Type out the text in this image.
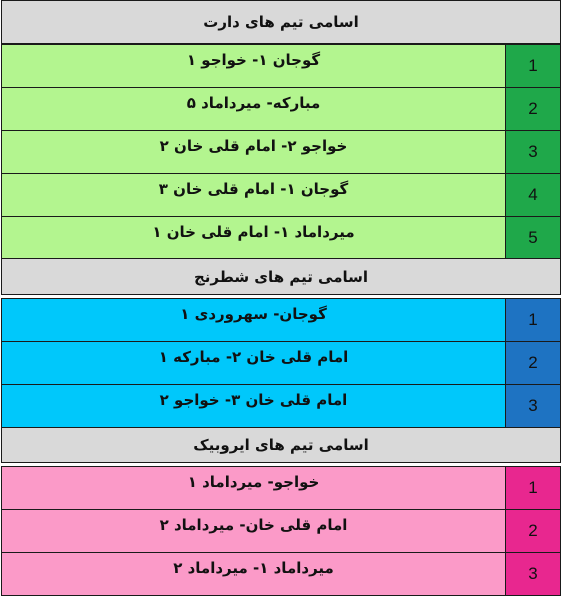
اسامی تیم های دارت
گوجان ۱- خواجو ۱	1
مبارکه- میرداماد ۵	2
خواجو ۲- امام قلی خان ۲	3
گوجان ۱- امام قلی خان ۳	4
میرداماد ۱- امام قلی خان ۱	5
اسامی تیم های شطرنج
گوجان- سهروردی ۱	1
امام قلی خان ۲- مبارکه ۱	2
امام قلی خان ۳- خواجو ۲	3
اسامی تیم های ایروبیک
خواجو- میرداماد ۱	1
امام قلی خان- میرداماد ۲	2
میرداماد ۱- میرداماد ۲	3
